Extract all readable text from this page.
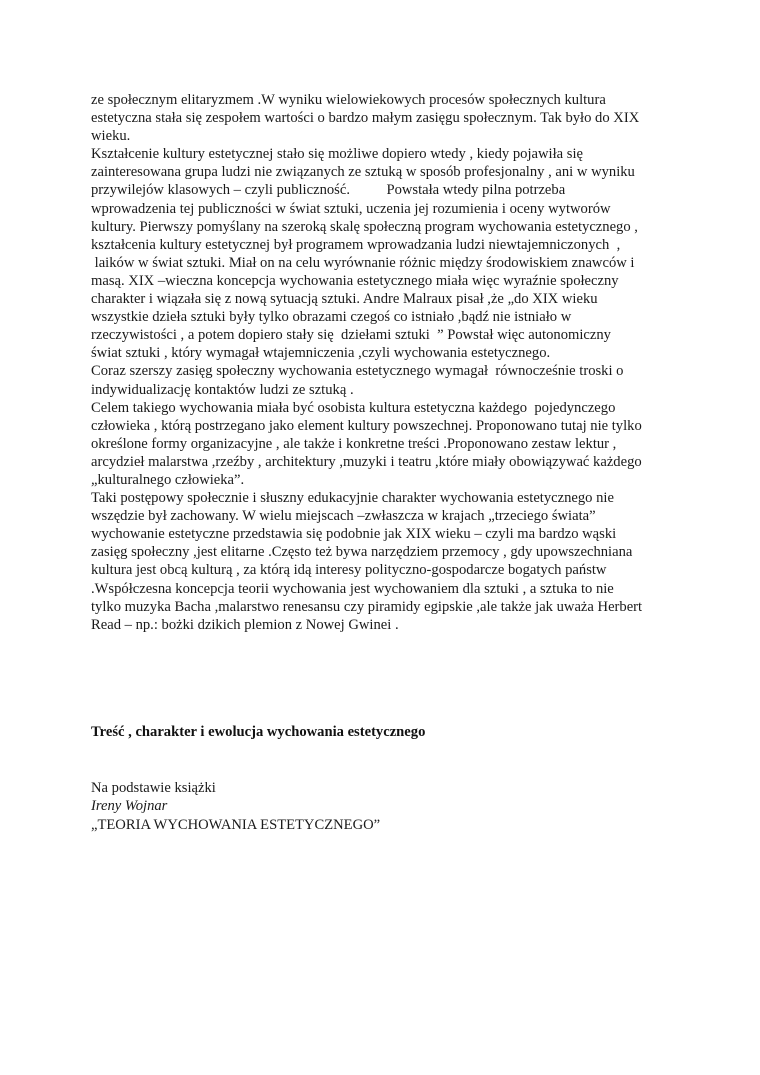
ze społecznym elitaryzmem .W wyniku wielowiekowych procesów społecznych kultura
estetyczna stała się zespołem wartości o bardzo małym zasięgu społecznym. Tak było do XIX
wieku.
Kształcenie kultury estetycznej stało się możliwe dopiero wtedy , kiedy pojawiła się
zainteresowana grupa ludzi nie związanych ze sztuką w sposób profesjonalny , ani w wyniku
przywilejów klasowych – czyli publiczność.          Powstała wtedy pilna potrzeba
wprowadzenia tej publiczności w świat sztuki, uczenia jej rozumienia i oceny wytworów
kultury. Pierwszy pomyślany na szeroką skalę społeczną program wychowania estetycznego ,
kształcenia kultury estetycznej był programem wprowadzania ludzi niewtajemniczonych  ,
laików w świat sztuki. Miał on na celu wyrównanie różnic między środowiskiem znawców i
masą. XIX –wieczna koncepcja wychowania estetycznego miała więc wyraźnie społeczny
charakter i wiązała się z nową sytuacją sztuki. Andre Malraux pisał ,że „do XIX wieku
wszystkie dzieła sztuki były tylko obrazami czegoś co istniało ,bądź nie istniało w
rzeczywistości , a potem dopiero stały się  dziełami sztuki  ” Powstał więc autonomiczny
świat sztuki , który wymagał wtajemniczenia ,czyli wychowania estetycznego.
Coraz szerszy zasięg społeczny wychowania estetycznego wymagał  równocześnie troski o
indywidualizację kontaktów ludzi ze sztuką .
Celem takiego wychowania miała być osobista kultura estetyczna każdego  pojedynczego
człowieka , którą postrzegano jako element kultury powszechnej. Proponowano tutaj nie tylko
określone formy organizacyjne , ale także i konkretne treści .Proponowano zestaw lektur ,
arcydzieł malarstwa ,rzeźby , architektury ,muzyki i teatru ,które miały obowiązywać każdego
„kulturalnego człowieka”.
Taki postępowy społecznie i słuszny edukacyjnie charakter wychowania estetycznego nie
wszędzie był zachowany. W wielu miejscach –zwłaszcza w krajach „trzeciego świata”
wychowanie estetyczne przedstawia się podobnie jak XIX wieku – czyli ma bardzo wąski
zasięg społeczny ,jest elitarne .Często też bywa narzędziem przemocy , gdy upowszechniana
kultura jest obcą kulturą , za którą idą interesy polityczno-gospodarcze bogatych państw
.Współczesna koncepcja teorii wychowania jest wychowaniem dla sztuki , a sztuka to nie
tylko muzyka Bacha ,malarstwo renesansu czy piramidy egipskie ,ale także jak uważa Herbert
Read – np.: bożki dzikich plemion z Nowej Gwinei .
Treść , charakter i ewolucja wychowania estetycznego
Na podstawie książki
Ireny Wojnar
„TEORIA WYCHOWANIA ESTETYCZNEGO”
